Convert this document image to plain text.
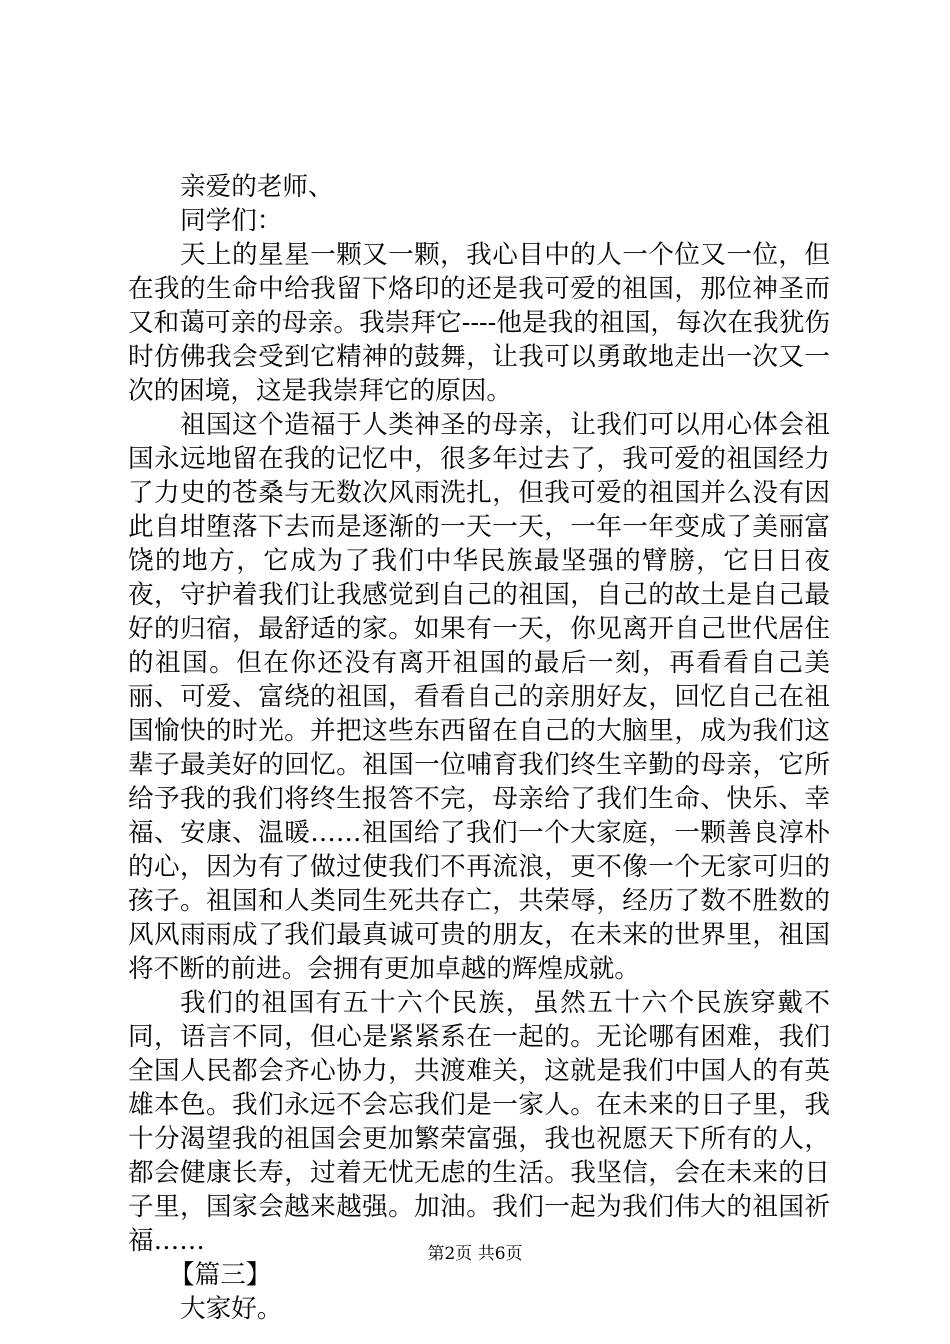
亲爱的老师、

同学们：

天上的星星一颗又一颗，我心目中的人一个位又一位，但在我的生命中给我留下烙印的还是我可爱的祖国，那位神圣而又和蔼可亲的母亲。我崇拜它----他是我的祖国，每次在我犹伤时仿佛我会受到它精神的鼓舞，让我可以勇敢地走出一次又一次的困境，这是我崇拜它的原因。

祖国这个造福于人类神圣的母亲，让我们可以用心体会祖国永远地留在我的记忆中，很多年过去了，我可爱的祖国经力了力史的苍桑与无数次风雨洗扎，但我可爱的祖国并么没有因此自坩堕落下去而是逐渐的一天一天，一年一年变成了美丽富饶的地方，它成为了我们中华民族最坚强的臂膀，它日日夜夜，守护着我们让我感觉到自己的祖国，自己的故土是自己最好的归宿，最舒适的家。如果有一天，你见离开自己世代居住的祖国。但在你还没有离开祖国的最后一刻，再看看自己美丽、可爱、富绕的祖国，看看自己的亲朋好友，回忆自己在祖国愉快的时光。并把这些东西留在自己的大脑里，成为我们这辈子最美好的回忆。祖国一位哺育我们终生辛勤的母亲，它所给予我的我们将终生报答不完，母亲给了我们生命、快乐、幸福、安康、温暖……祖国给了我们一个大家庭，一颗善良淳朴的心，因为有了做过使我们不再流浪，更不像一个无家可归的孩子。祖国和人类同生死共存亡，共荣辱，经历了数不胜数的风风雨雨成了我们最真诚可贵的朋友，在未来的世界里，祖国将不断的前进。会拥有更加卓越的辉煌成就。

我们的祖国有五十六个民族，虽然五十六个民族穿戴不同，语言不同，但心是紧紧系在一起的。无论哪有困难，我们全国人民都会齐心协力，共渡难关，这就是我们中国人的有英雄本色。我们永远不会忘我们是一家人。在未来的日子里，我十分渴望我的祖国会更加繁荣富强，我也祝愿天下所有的人，都会健康长寿，过着无忧无虑的生活。我坚信，会在未来的日子里，国家会越来越强。加油。我们一起为我们伟大的祖国祈福……

【篇三】

大家好。

第2页 共6页
